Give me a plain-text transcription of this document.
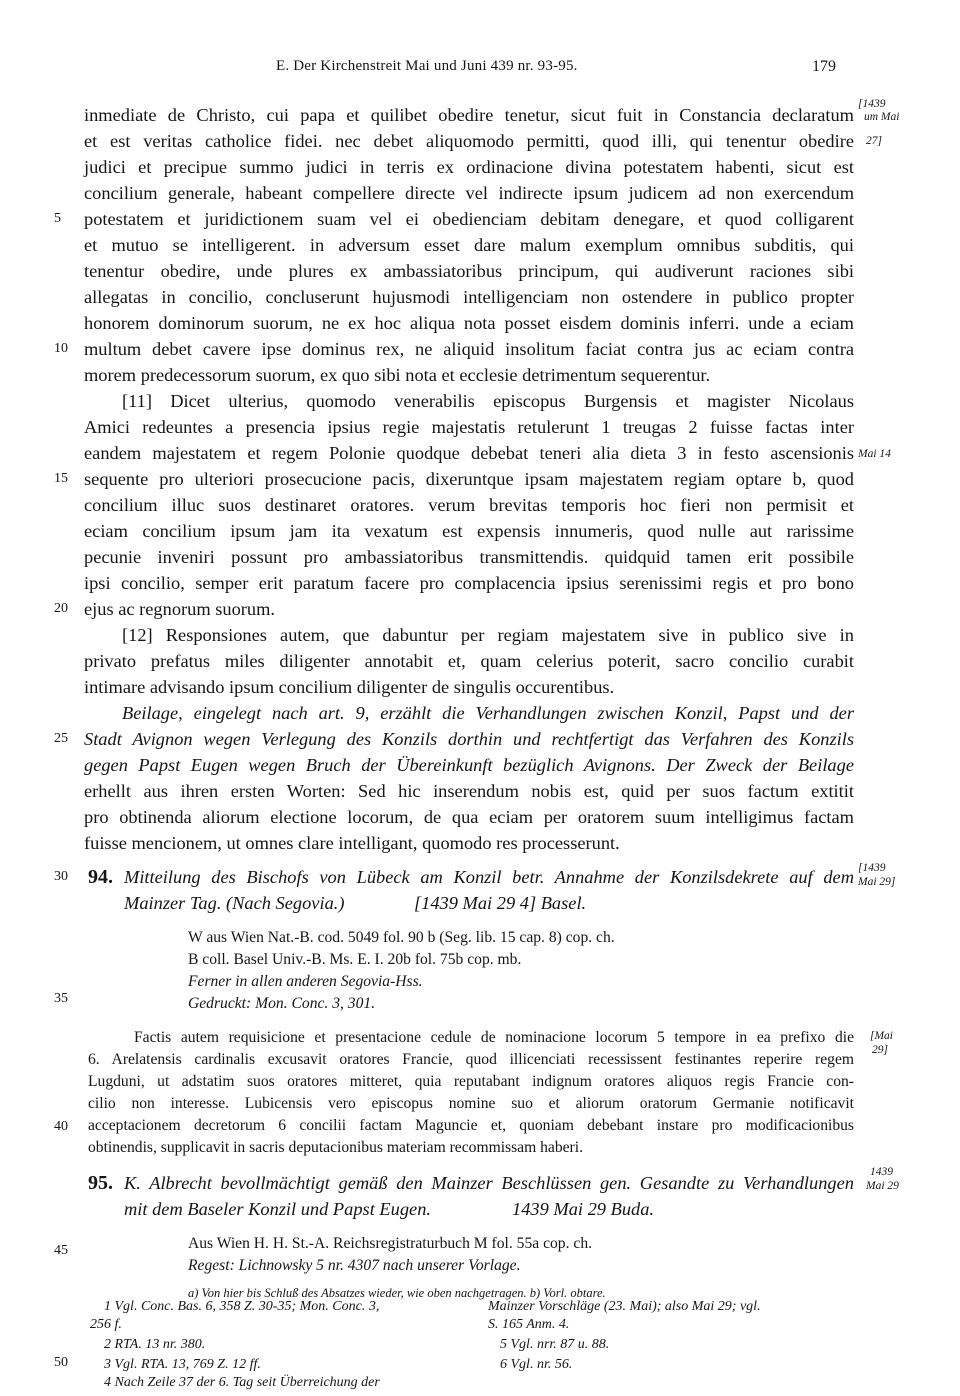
E. Der Kirchenstreit Mai und Juni 439 nr. 93-95.	179
inmediate de Christo, cui papa et quilibet obedire tenetur, sicut fuit in Constancia declaratum
et est veritas catholice fidei. nec debet aliquomodo permitti, quod illi, qui tenentur obedire
judici et precipue summo judici in terris ex ordinacione divina potestatem habenti, sicut est
concilium generale, habeant compellere directe vel indirecte ipsum judicem ad non exercendum
potestatem et juridictionem suam vel ei obedienciam debitam denegare, et quod colligarent
et mutuo se intelligerent. in adversum esset dare malum exemplum omnibus subditis, qui
tenentur obedire, unde plures ex ambassiatoribus principum, qui audiverunt raciones sibi
allegatas in concilio, concluserunt hujusmodi intelligenciam non ostendere in publico propter
honorem dominorum suorum, ne ex hoc aliqua nota posset eisdem dominis inferri. unde a eciam
multum debet cavere ipse dominus rex, ne aliquid insolitum faciat contra jus ac eciam contra
morem predecessorum suorum, ex quo sibi nota et ecclesie detrimentum sequerentur.
[11] Dicet ulterius, quomodo venerabilis episcopus Burgensis et magister Nicolaus
Amici redeuntes a presencia ipsius regie majestatis retulerunt 1 treugas 2 fuisse factas inter
eandem majestatem et regem Polonie quodque debebat teneri alia dieta 3 in festo ascensionis
sequente pro ulteriori prosecucione pacis, dixeruntque ipsam majestatem regiam optare b, quod
concilium illuc suos destinaret oratores. verum brevitas temporis hoc fieri non permisit et
eciam concilium ipsum jam ita vexatum est expensis innumeris, quod nulle aut rarissime
pecunie inveniri possunt pro ambassiatoribus transmittendis. quidquid tamen erit possibile
ipsi concilio, semper erit paratum facere pro complacencia ipsius serenissimi regis et pro bono
ejus ac regnorum suorum.
[12] Responsiones autem, que dabuntur per regiam majestatem sive in publico sive in
privato prefatus miles diligenter annotabit et, quam celerius poterit, sacro concilio curabit
intimare advisando ipsum concilium diligenter de singulis occurentibus.
Beilage, eingelegt nach art. 9, erzählt die Verhandlungen zwischen Konzil, Papst und der
Stadt Avignon wegen Verlegung des Konzils dorthin und rechtfertigt das Verfahren des Konzils
gegen Papst Eugen wegen Bruch der Übereinkunft bezüglich Avignons. Der Zweck der Beilage
erhellt aus ihren ersten Worten: Sed hic inserendum nobis est, quid per suos factum extitit
pro obtinenda aliorum electione locorum, de qua eciam per oratorem suum intelligimus factam
fuisse mencionem, ut omnes clare intelligant, quomodo res processerunt.
94. Mitteilung des Bischofs von Lübeck am Konzil betr. Annahme der Konzilsdekrete auf dem
Mainzer Tag. (Nach Segovia.)	[1439 Mai 29 4] Basel.
W aus Wien Nat.-B. cod. 5049 fol. 90 b (Seg. lib. 15 cap. 8) cop. ch.
B coll. Basel Univ.-B. Ms. E. I. 20b fol. 75b cop. mb.
Ferner in allen anderen Segovia-Hss.
Gedruckt: Mon. Conc. 3, 301.
Factis autem requisicione et presentacione cedule de nominacione locorum 5 tempore in ea prefixo die
6. Arelatensis cardinalis excusavit oratores Francie, quod illicenciati recessissent festinantes reperire regem
Lugduni, ut adstatim suos oratores mitteret, quia reputabant indignum oratores aliquos regis Francie con-
cilio non interesse. Lubicensis vero episcopus nomine suo et aliorum oratorum Germanie notificavit
acceptacionem decretorum 6 concilii factam Maguncie et, quoniam debebant instare pro modificacionibus
obtinendis, supplicavit in sacris deputacionibus materiam recommissam haberi.
95. K. Albrecht bevollmächtigt gemäß den Mainzer Beschlüssen gen. Gesandte zu Verhandlungen
mit dem Baseler Konzil und Papst Eugen.	1439 Mai 29 Buda.
Aus Wien H. H. St.-A. Reichsregistraturbuch M fol. 55a cop. ch.
Regest: Lichnowsky 5 nr. 4307 nach unserer Vorlage.
a) Von hier bis Schluß des Absatzes wieder, wie oben nachgetragen. b) Vorl. obtare.
1 Vgl. Conc. Bas. 6, 358 Z. 30-35; Mon. Conc. 3,
256 f.
2 RTA. 13 nr. 380.
3 Vgl. RTA. 13, 769 Z. 12 ff.
Mainzer Vorschläge (23. Mai); also Mai 29; vgl.
S. 165 Anm. 4.
5 Vgl. nrr. 87 u. 88.
6 Vgl. nr. 56.
4 Nach Zeile 37 der 6. Tag seit Überreichung der
5
10
15
20
25
30
35
40
45
50
[1439
um Mai
27]
Mai 14
[1439
Mai 29]
[Mai
29]
1439
Mai 29
